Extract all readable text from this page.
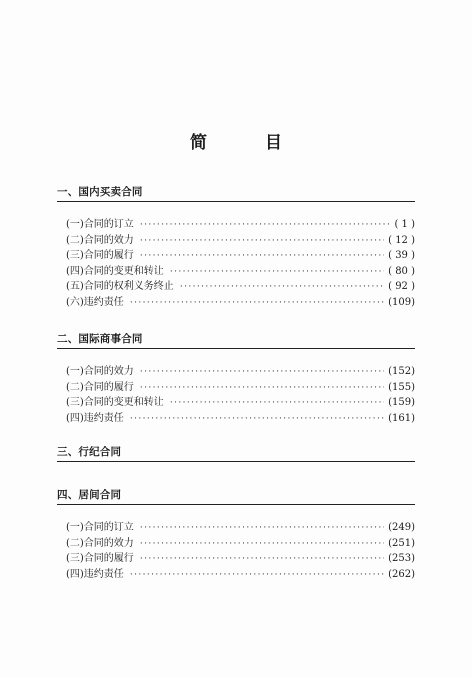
简 目
一、国内买卖合同
(一)合同的订立 ·····	( 1 )
(二)合同的效力 ·····	( 12 )
(三)合同的履行 ·····	( 39 )
(四)合同的变更和转让 ·····	( 80 )
(五)合同的权利义务终止 ·····	( 92 )
(六)违约责任 ·····	(109)
二、国际商事合同
(一)合同的效力 ·····	(152)
(二)合同的履行 ·····	(155)
(三)合同的变更和转让 ·····	(159)
(四)违约责任 ·····	(161)
三、行纪合同
四、居间合同
(一)合同的订立 ·····	(249)
(二)合同的效力 ·····	(251)
(三)合同的履行 ·····	(253)
(四)违约责任 ·····	(262)
